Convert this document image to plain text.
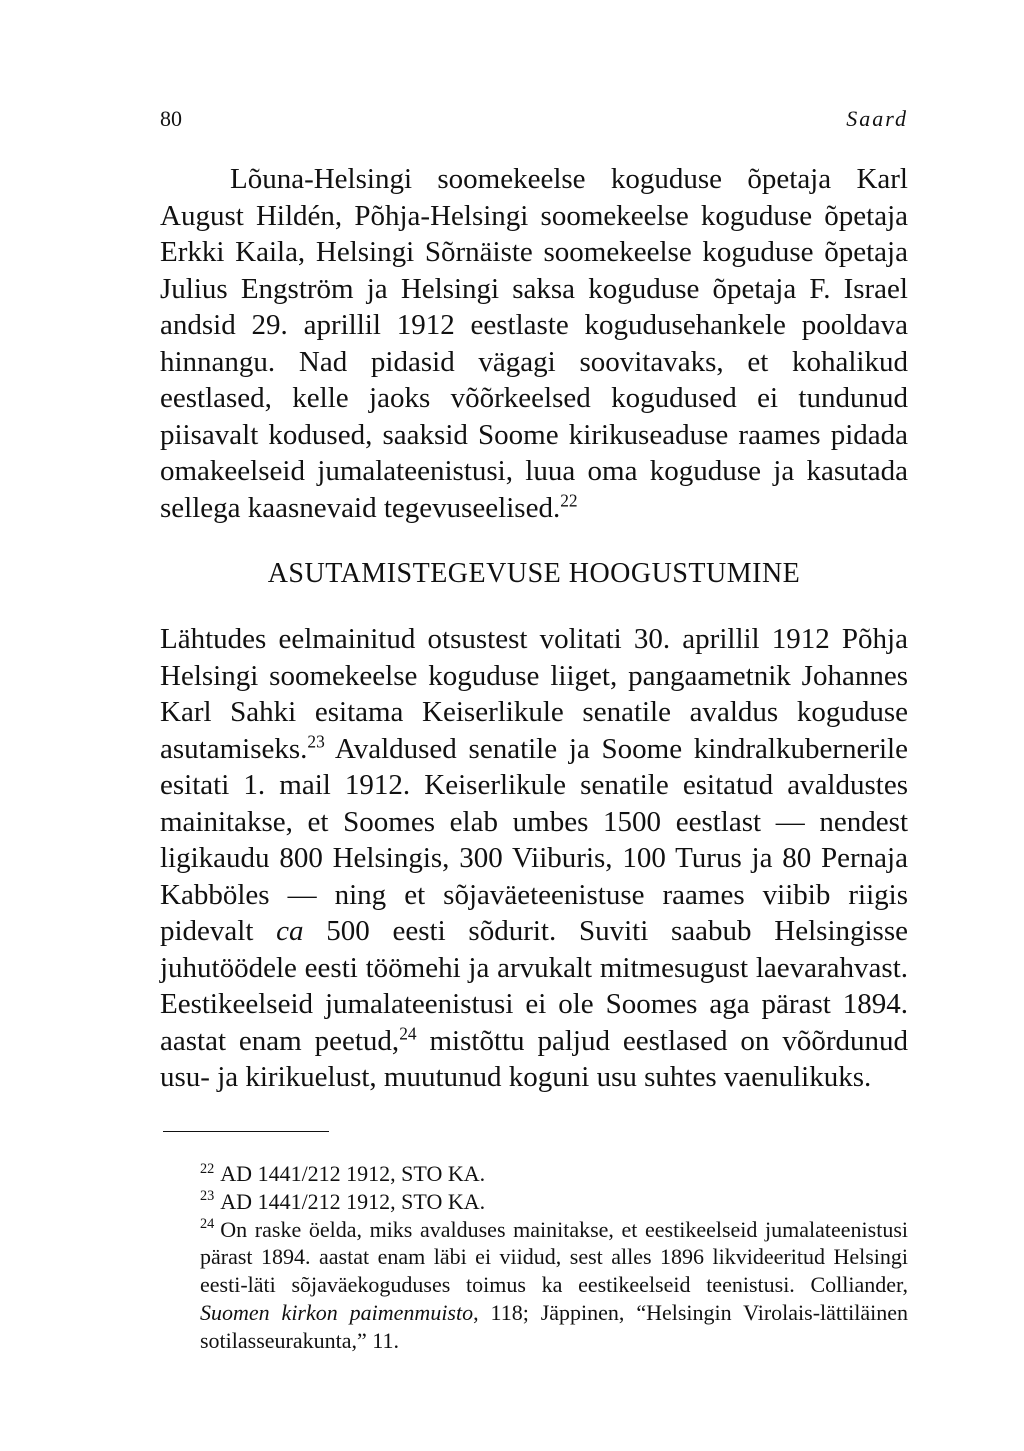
80	Saard

Lõuna-Helsingi soomekeelse koguduse õpetaja Karl August Hildén, Põhja-Helsingi soomekeelse koguduse õpetaja Erkki Kaila, Helsingi Sõrnäiste soomekeelse koguduse õpetaja Julius Engström ja Helsingi saksa koguduse õpetaja F. Israel andsid 29. aprillil 1912 eestlaste kogudusehankele pooldava hinnangu. Nad pidasid vägagi soovitavaks, et kohalikud eestlased, kelle jaoks võõrkeelsed kogudused ei tundunud piisavalt kodused, saaksid Soome kirikuseaduse raames pidada omakeelseid jumalateenistusi, luua oma koguduse ja kasutada sellega kaasnevaid tegevuseelised.$^{22}$

ASUTAMISTEGEVUSE HOOGUSTUMINE

Lähtudes eelmainitud otsustest volitati 30. aprillil 1912 Põhja Helsingi soomekeelse koguduse liiget, pangaametnik Johannes Karl Sahki esitama Keiserlikule senatile avaldus koguduse asutamiseks.$^{23}$ Avaldused senatile ja Soome kindralkubernerile esitati 1. mail 1912. Keiserlikule senatile esitatud avaldustes mainitakse, et Soomes elab umbes 1500 eestlast — nendest ligikaudu 800 Helsingis, 300 Viiburis, 100 Turus ja 80 Pernaja Kabböles — ning et sõjaväeteenistuse raames viibib riigis pidevalt ca 500 eesti sõdurit. Suviti saabub Helsingisse juhutöödele eesti töömehi ja arvukalt mitmesugust laevarahvast. Eestikeelseid jumalateenistusi ei ole Soomes aga pärast 1894. aastat enam peetud,$^{24}$ mistõttu paljud eestlased on võõrdunud usu- ja kirikuelust, muutunud koguni usu suhtes vaenulikuks.

$^{22}$ AD 1441/212 1912, STO KA.

$^{23}$ AD 1441/212 1912, STO KA.

$^{24}$ On raske öelda, miks avalduses mainitakse, et eestikeelseid jumalateenistusi pärast 1894. aastat enam läbi ei viidud, sest alles 1896 likvideeritud Helsingi eesti-läti sõjaväekoguduses toimus ka eestikeelseid teenistusi. Colliander, Suomen kirkon paimenmuisto, 118; Jäppinen, “Helsingin Virolais-lättiläinen sotilasseurakunta,” 11.
